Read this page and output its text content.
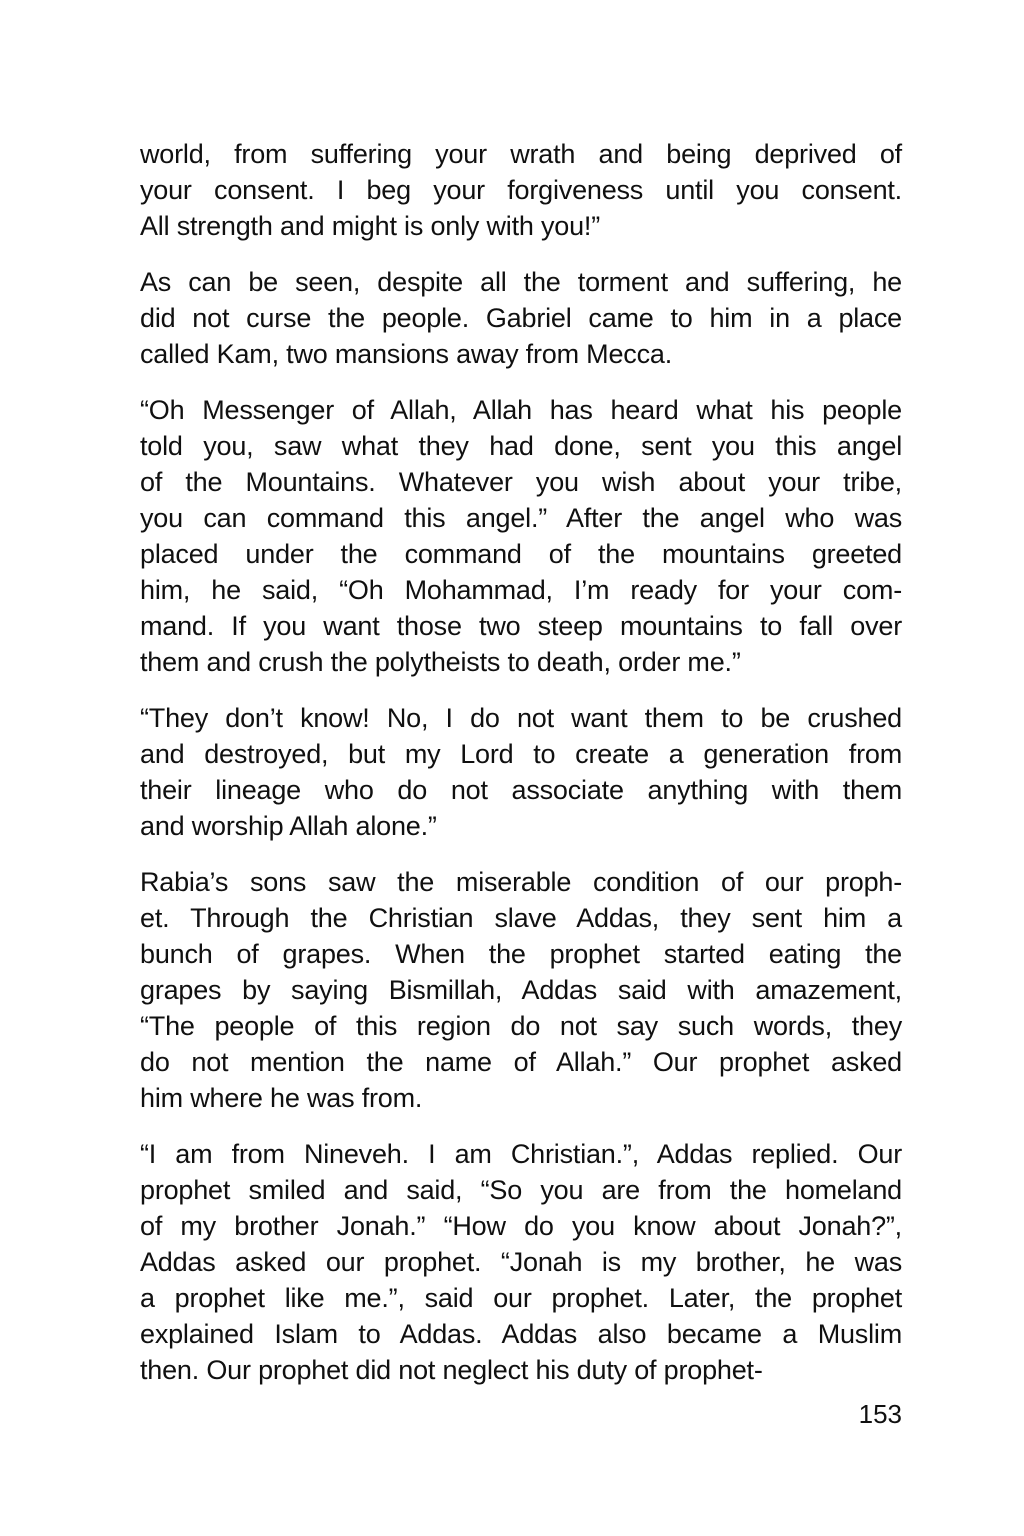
world, from suffering your wrath and being deprived of
your consent. I beg your forgiveness until you consent.
All strength and might is only with you!”
As can be seen, despite all the torment and suffering, he
did not curse the people. Gabriel came to him in a place
called Kam, two mansions away from Mecca.
“Oh Messenger of Allah, Allah has heard what his people
told you, saw what they had done, sent you this angel
of the Mountains. Whatever you wish about your tribe,
you can command this angel.” After the angel who was
placed under the command of the mountains greeted
him, he said, “Oh Mohammad, I’m ready for your com-
mand. If you want those two steep mountains to fall over
them and crush the polytheists to death, order me.”
“They don’t know! No, I do not want them to be crushed
and destroyed, but my Lord to create a generation from
their lineage who do not associate anything with them
and worship Allah alone.”
Rabia’s sons saw the miserable condition of our proph-
et. Through the Christian slave Addas, they sent him a
bunch of grapes. When the prophet started eating the
grapes by saying Bismillah, Addas said with amazement,
“The people of this region do not say such words, they
do not mention the name of Allah.” Our prophet asked
him where he was from.
“I am from Nineveh. I am Christian.”, Addas replied. Our
prophet smiled and said, “So you are from the homeland
of my brother Jonah.” “How do you know about Jonah?”,
Addas asked our prophet. “Jonah is my brother, he was
a prophet like me.”, said our prophet. Later, the prophet
explained Islam to Addas. Addas also became a Muslim
then. Our prophet did not neglect his duty of prophet-
153
